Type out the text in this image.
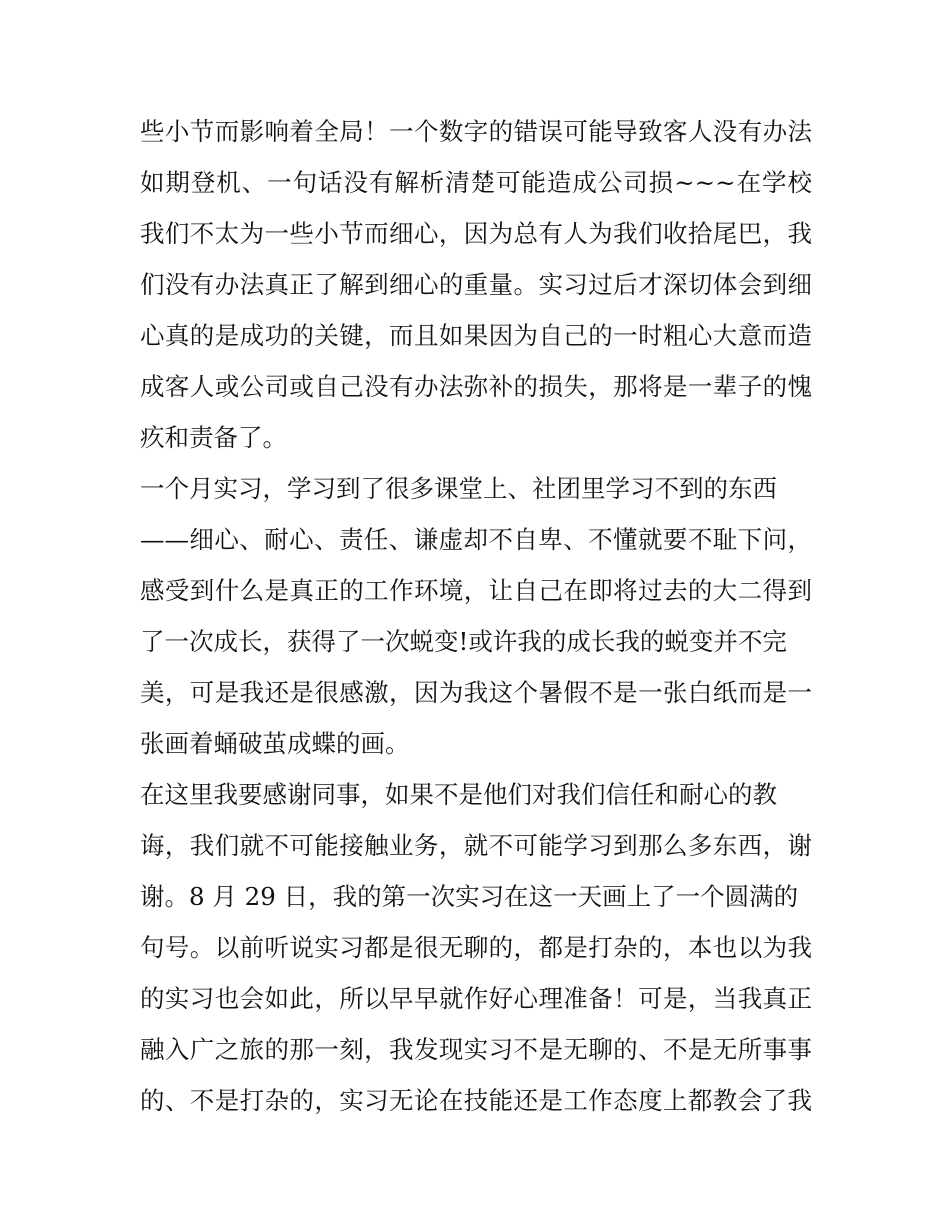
些小节而影响着全局！一个数字的错误可能导致客人没有办法
如期登机、一句话没有解析清楚可能造成公司损~~~在学校
我们不太为一些小节而细心，因为总有人为我们收拾尾巴，我
们没有办法真正了解到细心的重量。实习过后才深切体会到细
心真的是成功的关键，而且如果因为自己的一时粗心大意而造
成客人或公司或自己没有办法弥补的损失，那将是一辈子的愧
疚和责备了。
一个月实习，学习到了很多课堂上、社团里学习不到的东西
——细心、耐心、责任、谦虚却不自卑、不懂就要不耻下问，
感受到什么是真正的工作环境，让自己在即将过去的大二得到
了一次成长，获得了一次蜕变!或许我的成长我的蜕变并不完
美，可是我还是很感激，因为我这个暑假不是一张白纸而是一
张画着蛹破茧成蝶的画。
在这里我要感谢同事，如果不是他们对我们信任和耐心的教
诲，我们就不可能接触业务，就不可能学习到那么多东西，谢
谢。8 月 29 日，我的第一次实习在这一天画上了一个圆满的
句号。以前听说实习都是很无聊的，都是打杂的，本也以为我
的实习也会如此，所以早早就作好心理准备！可是，当我真正
融入广之旅的那一刻，我发现实习不是无聊的、不是无所事事
的、不是打杂的，实习无论在技能还是工作态度上都教会了我
